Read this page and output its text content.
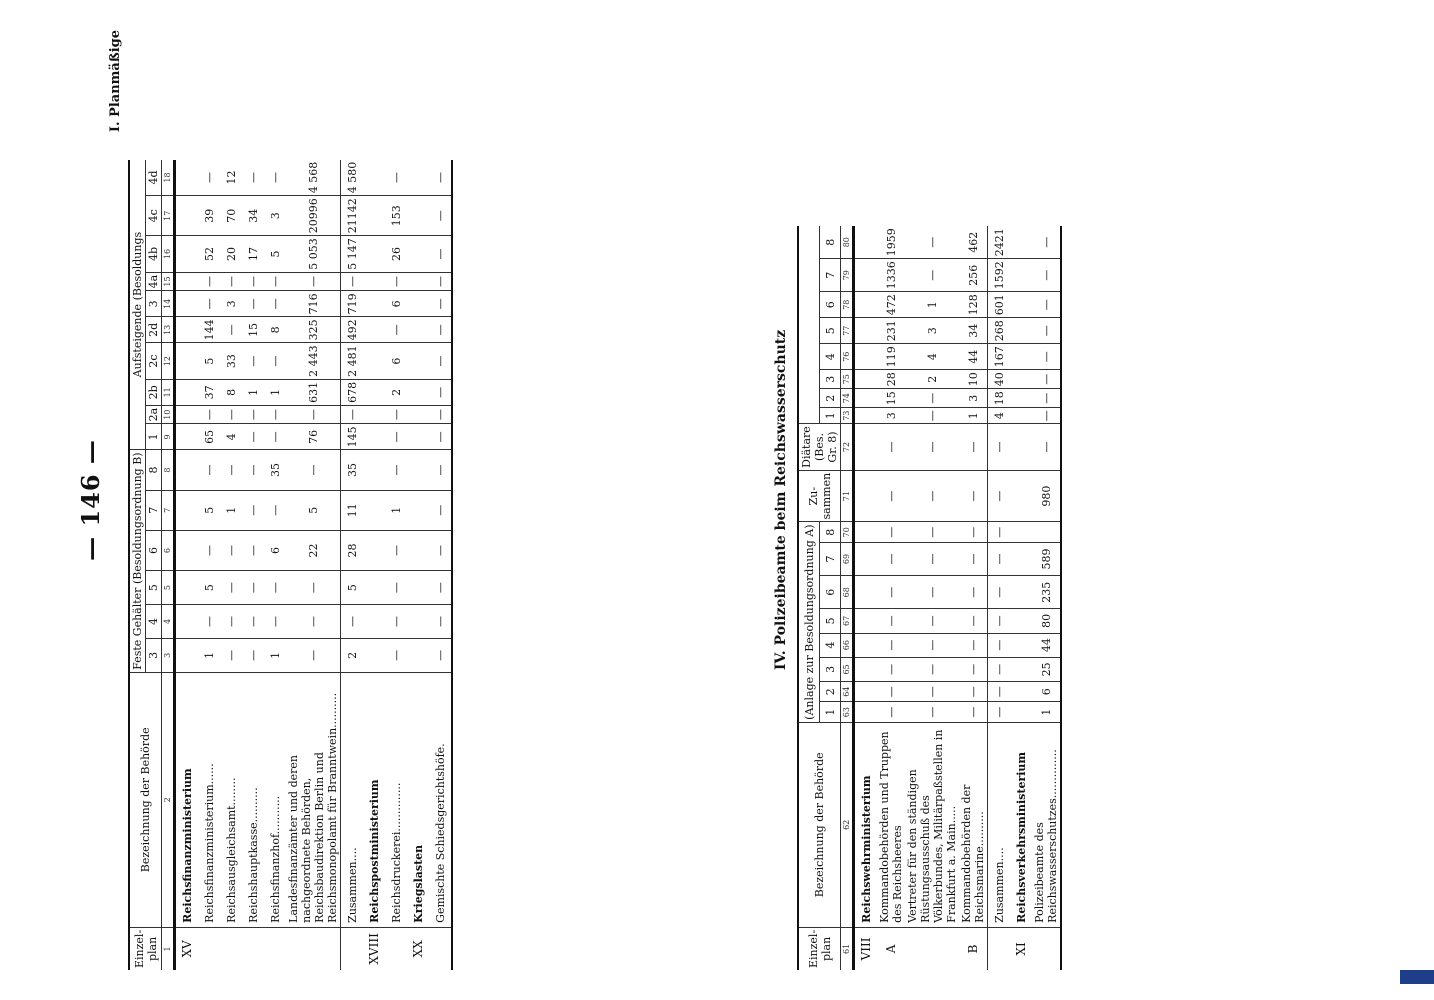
— 146 —
I. Planmäßige
Einzel-plan	Bezeichnung der Behörde	Feste Gehälter (Besoldungsordnung B)						Aufsteigende (Besoldungs									
		3	4	5	6	7	8	1	2a	2b	2c	2d	3	4a	4b	4c	4d
1	2	3	4	5	6	7	8	9	10	11	12	13	14	15	16	17	18
XV	Reichsfinanzministerium																
	Reichsfinanzministerium......	1	—	5	—	5	—	65	—	37	5	144	—	—	52	39	—
	Reichsausgleichsamt........	—	—	—	—	1	—	4	—	8	33	—	3	—	20	70	12
	Reichshauptkasse..........	—	—	—	—	—	—	—	—	1	—	15	—	—	17	34	—
	Reichsfinanzhof...........	1	—	—	6	—	35	—	—	1	—	8	—	—	5	3	—
	Landesfinanzämter und deren nachgeordnete Behörden, Reichsbaudirektion Berlin und Reichsmonopolamt für Branntwein..........	—	—	—	22	5	—	76	—	631	2 443	325	716	—	5 053	20996	4 568
	Zusammen....	2	—	5	28	11	35	145	—	678	2 481	492	719	—	5 147	21142	4 580
XVIII	Reichspostministerium																
	Reichsdruckerei..............	—	—	—	—	1	—	—	—	2	6	—	6	—	26	153	—
XX	Kriegslasten																
	Gemischte Schiedsgerichtshöfe.	—	—	—	—	—	—	—	—	—	—	—	—	—	—	—	—
IV. Polizeibeamte beim Reichswasserschutz
Einzel-plan	Bezeichnung der Behörde	(Anlage zur Besoldungsordnung A)								Zu-sammen	Diätare (Bes. Gr. 8)								
		1	2	3	4	5	6	7	8			1	2	3	4	5	6	7	8
61	62	63	64	65	66	67	68	69	70	71	72	73	74	75	76	77	78	79	80
VIII	Reichswehrministerium																		
A	Kommandobehörden und Truppen des Reichsheeres	—	—	—	—	—	—	—	—	—	—	3	15	28	119	231	472	1336	1959
	Vertreter für den ständigen Rüstungsausschuß des Völkerbundes, Militärpaßstellen in Frankfurt a. Main.....	—	—	—	—	—	—	—	—	—	—	—	—	2	4	3	1	—	—
B	Kommandobehörden der Reichsmarine..........	—	—	—	—	—	—	—	—	—	—	1	3	10	44	34	128	256	462
	Zusammen....	—	—	—	—	—	—	—	—	—	—	4	18	40	167	268	601	1592	2421
XI	Reichsverkehrsministerium																		
	Polizeibeamte des Reichswasserschutzes..............	1	6	25	44	80	235	589		980	—	—	—	—	—	—	—	—	—
